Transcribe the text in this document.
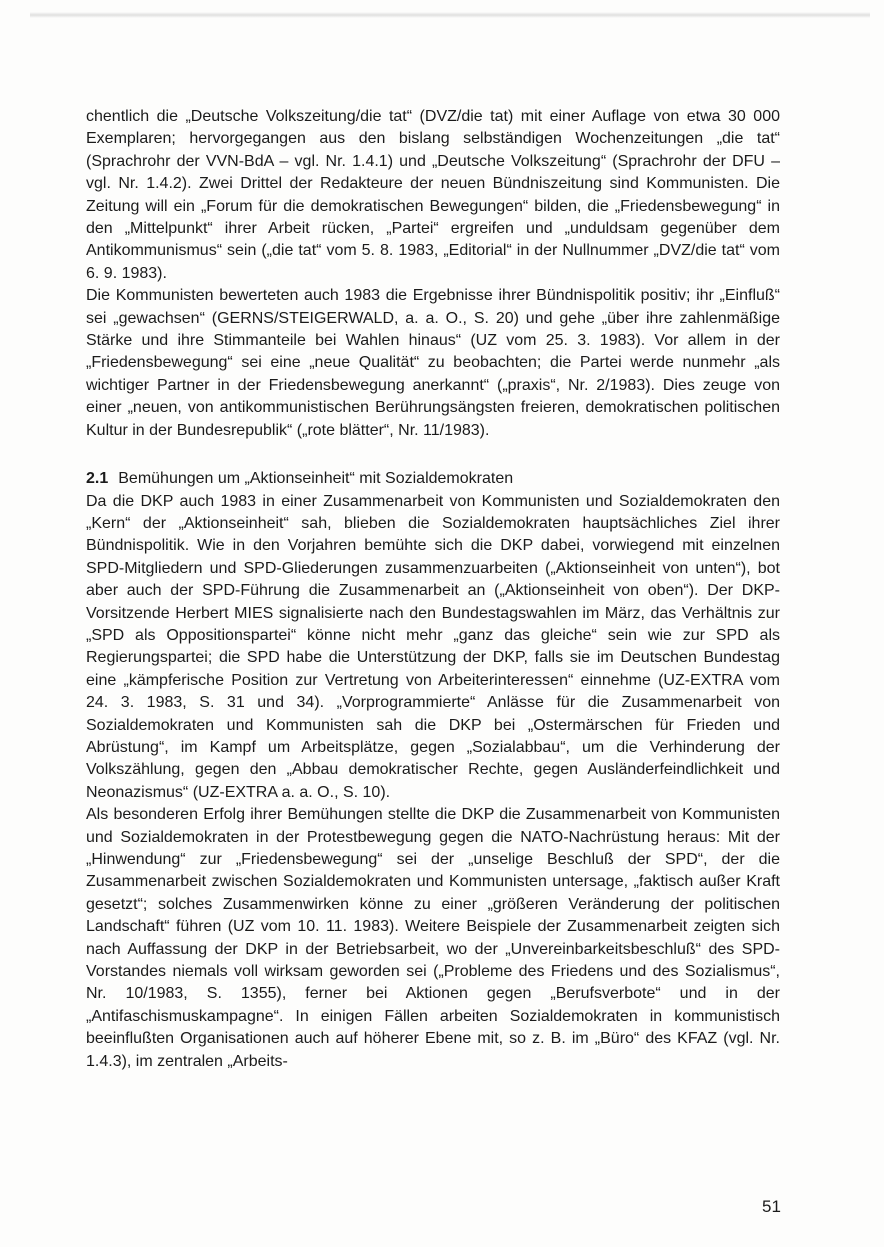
chentlich die „Deutsche Volkszeitung/die tat“ (DVZ/die tat) mit einer Auflage von etwa 30 000 Exemplaren; hervorgegangen aus den bislang selbständigen Wochenzeitungen „die tat“ (Sprachrohr der VVN-BdA – vgl. Nr. 1.4.1) und „Deutsche Volkszeitung“ (Sprachrohr der DFU – vgl. Nr. 1.4.2). Zwei Drittel der Redakteure der neuen Bündniszeitung sind Kommunisten. Die Zeitung will ein „Forum für die demokratischen Bewegungen“ bilden, die „Friedensbewegung“ in den „Mittelpunkt“ ihrer Arbeit rücken, „Partei“ ergreifen und „unduldsam gegenüber dem Antikommunismus“ sein („die tat“ vom 5. 8. 1983, „Editorial“ in der Nullnummer „DVZ/die tat“ vom 6. 9. 1983).

Die Kommunisten bewerteten auch 1983 die Ergebnisse ihrer Bündnispolitik positiv; ihr „Einfluß“ sei „gewachsen“ (GERNS/STEIGERWALD, a. a. O., S. 20) und gehe „über ihre zahlenmäßige Stärke und ihre Stimmanteile bei Wahlen hinaus“ (UZ vom 25. 3. 1983). Vor allem in der „Friedensbewegung“ sei eine „neue Qualität“ zu beobachten; die Partei werde nunmehr „als wichtiger Partner in der Friedensbewegung anerkannt“ („praxis“, Nr. 2/1983). Dies zeuge von einer „neuen, von antikommunistischen Berührungsängsten freieren, demokratischen politischen Kultur in der Bundesrepublik“ („rote blätter“, Nr. 11/1983).

2.1 Bemühungen um „Aktionseinheit“ mit Sozialdemokraten

Da die DKP auch 1983 in einer Zusammenarbeit von Kommunisten und Sozialdemokraten den „Kern“ der „Aktionseinheit“ sah, blieben die Sozialdemokraten hauptsächliches Ziel ihrer Bündnispolitik. Wie in den Vorjahren bemühte sich die DKP dabei, vorwiegend mit einzelnen SPD-Mitgliedern und SPD-Gliederungen zusammenzuarbeiten („Aktionseinheit von unten“), bot aber auch der SPD-Führung die Zusammenarbeit an („Aktionseinheit von oben“). Der DKP-Vorsitzende Herbert MIES signalisierte nach den Bundestagswahlen im März, das Verhältnis zur „SPD als Oppositionspartei“ könne nicht mehr „ganz das gleiche“ sein wie zur SPD als Regierungspartei; die SPD habe die Unterstützung der DKP, falls sie im Deutschen Bundestag eine „kämpferische Position zur Vertretung von Arbeiterinteressen“ einnehme (UZ-EXTRA vom 24. 3. 1983, S. 31 und 34). „Vorprogrammierte“ Anlässe für die Zusammenarbeit von Sozialdemokraten und Kommunisten sah die DKP bei „Ostermärschen für Frieden und Abrüstung“, im Kampf um Arbeitsplätze, gegen „Sozialabbau“, um die Verhinderung der Volkszählung, gegen den „Abbau demokratischer Rechte, gegen Ausländerfeindlichkeit und Neonazismus“ (UZ-EXTRA a. a. O., S. 10).

Als besonderen Erfolg ihrer Bemühungen stellte die DKP die Zusammenarbeit von Kommunisten und Sozialdemokraten in der Protestbewegung gegen die NATO-Nachrüstung heraus: Mit der „Hinwendung“ zur „Friedensbewegung“ sei der „unselige Beschluß der SPD“, der die Zusammenarbeit zwischen Sozialdemokraten und Kommunisten untersage, „faktisch außer Kraft gesetzt“; solches Zusammenwirken könne zu einer „größeren Veränderung der politischen Landschaft“ führen (UZ vom 10. 11. 1983). Weitere Beispiele der Zusammenarbeit zeigten sich nach Auffassung der DKP in der Betriebsarbeit, wo der „Unvereinbarkeitsbeschluß“ des SPD-Vorstandes niemals voll wirksam geworden sei („Probleme des Friedens und des Sozialismus“, Nr. 10/1983, S. 1355), ferner bei Aktionen gegen „Berufsverbote“ und in der „Antifaschismuskampagne“. In einigen Fällen arbeiten Sozialdemokraten in kommunistisch beeinflußten Organisationen auch auf höherer Ebene mit, so z. B. im „Büro“ des KFAZ (vgl. Nr. 1.4.3), im zentralen „Arbeits-

51
